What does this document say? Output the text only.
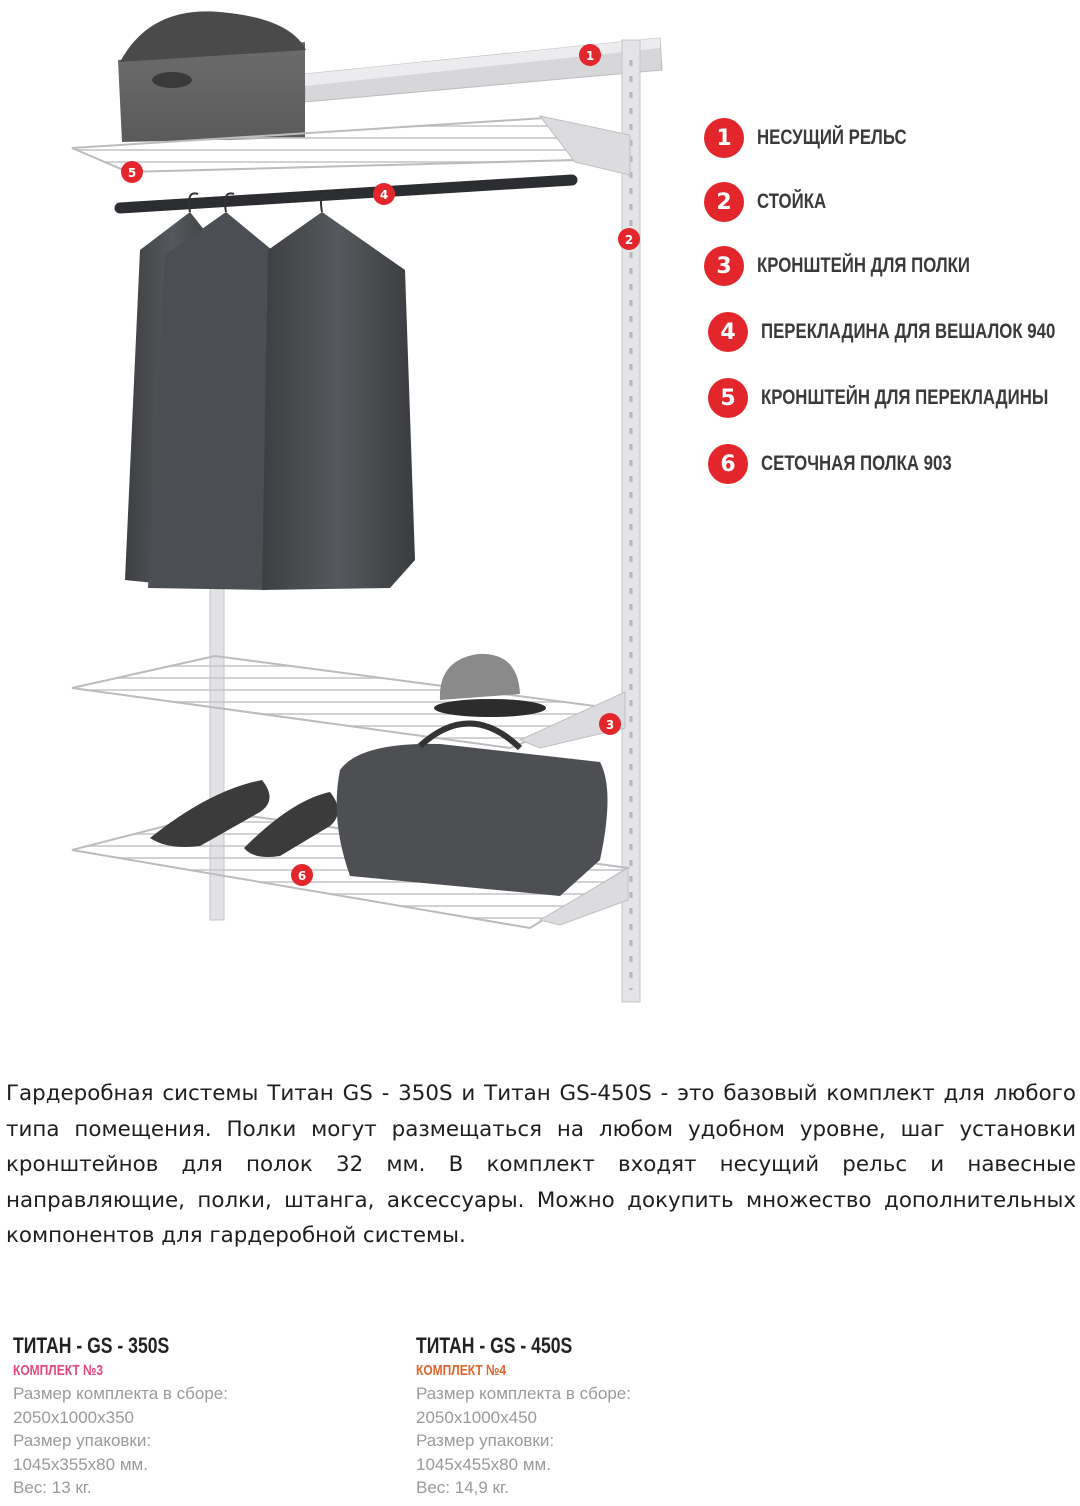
1
2
3
4
5
6
1	НЕСУЩИЙ РЕЛЬС
2	СТОЙКА
3	КРОНШТЕЙН ДЛЯ ПОЛКИ
4	ПЕРЕКЛАДИНА ДЛЯ ВЕШАЛОК 940
5	КРОНШТЕЙН ДЛЯ ПЕРЕКЛАДИНЫ
6	СЕТОЧНАЯ ПОЛКА 903

Гардеробная системы Титан GS - 350S и Титан GS-450S - это базовый комплект для любого типа помещения. Полки могут размещаться на любом удобном уровне, шаг установки кронштейнов для полок 32 мм. В комплект входят несущий рельс и навесные направляющие, полки, штанга, аксессуары. Можно докупить множество дополнительных компонентов для гардеробной системы.

ТИТАН - GS - 350S
КОМПЛЕКТ №3
Размер комплекта в сборе:
2050х1000х350
Размер упаковки:
1045х355х80 мм.
Вес: 13 кг.
ТИТАН - GS - 450S
КОМПЛЕКТ №4
Размер комплекта в сборе:
2050х1000х450
Размер упаковки:
1045х455х80 мм.
Вес: 14,9 кг.
